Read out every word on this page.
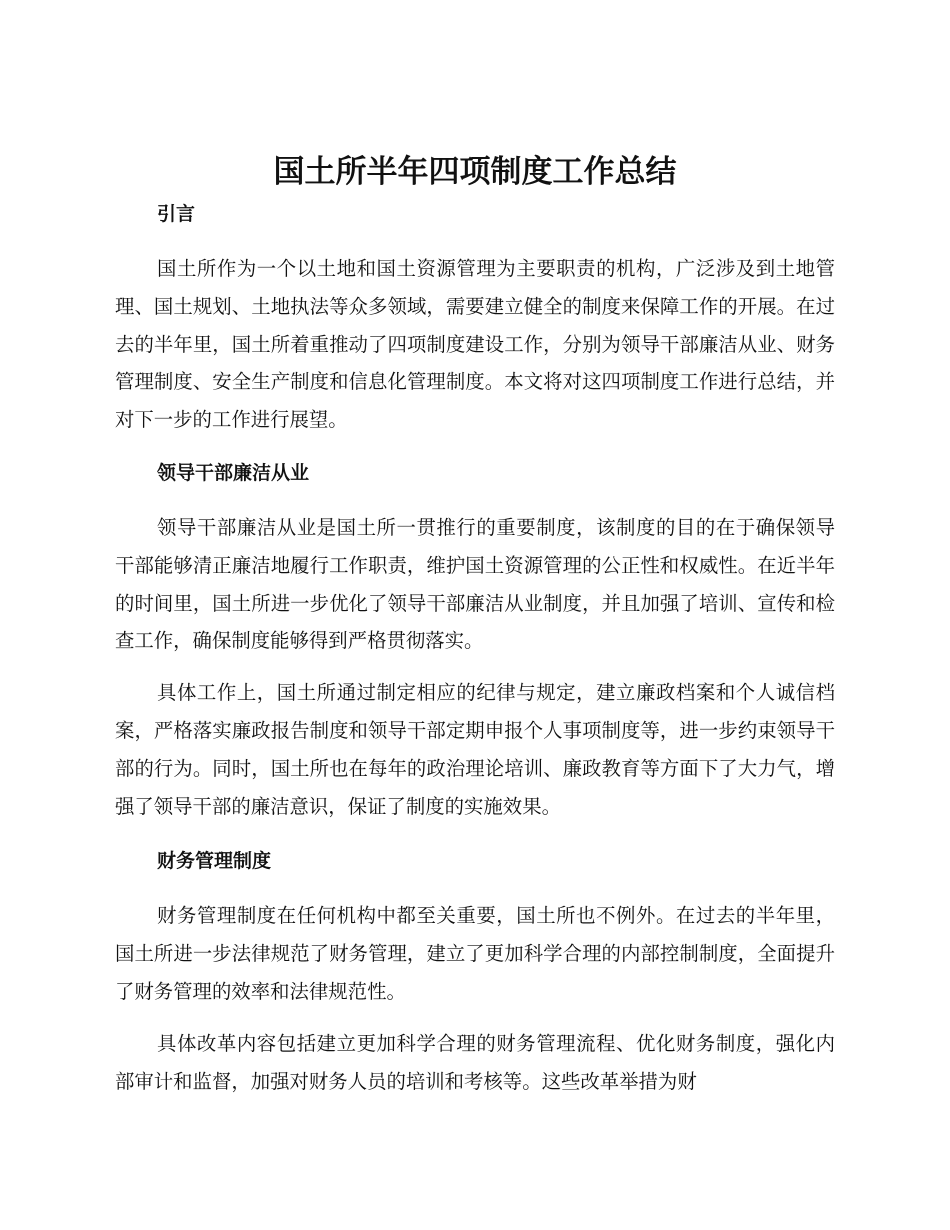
国土所半年四项制度工作总结
引言

国土所作为一个以土地和国土资源管理为主要职责的机构，广泛涉及到土地管理、国土规划、土地执法等众多领域，需要建立健全的制度来保障工作的开展。在过去的半年里，国土所着重推动了四项制度建设工作，分别为领导干部廉洁从业、财务管理制度、安全生产制度和信息化管理制度。本文将对这四项制度工作进行总结，并对下一步的工作进行展望。

领导干部廉洁从业

领导干部廉洁从业是国土所一贯推行的重要制度，该制度的目的在于确保领导干部能够清正廉洁地履行工作职责，维护国土资源管理的公正性和权威性。在近半年的时间里，国土所进一步优化了领导干部廉洁从业制度，并且加强了培训、宣传和检查工作，确保制度能够得到严格贯彻落实。

具体工作上，国土所通过制定相应的纪律与规定，建立廉政档案和个人诚信档案，严格落实廉政报告制度和领导干部定期申报个人事项制度等，进一步约束领导干部的行为。同时，国土所也在每年的政治理论培训、廉政教育等方面下了大力气，增强了领导干部的廉洁意识，保证了制度的实施效果。

财务管理制度

财务管理制度在任何机构中都至关重要，国土所也不例外。在过去的半年里，国土所进一步法律规范了财务管理，建立了更加科学合理的内部控制制度，全面提升了财务管理的效率和法律规范性。

具体改革内容包括建立更加科学合理的财务管理流程、优化财务制度，强化内部审计和监督，加强对财务人员的培训和考核等。这些改革举措为财
